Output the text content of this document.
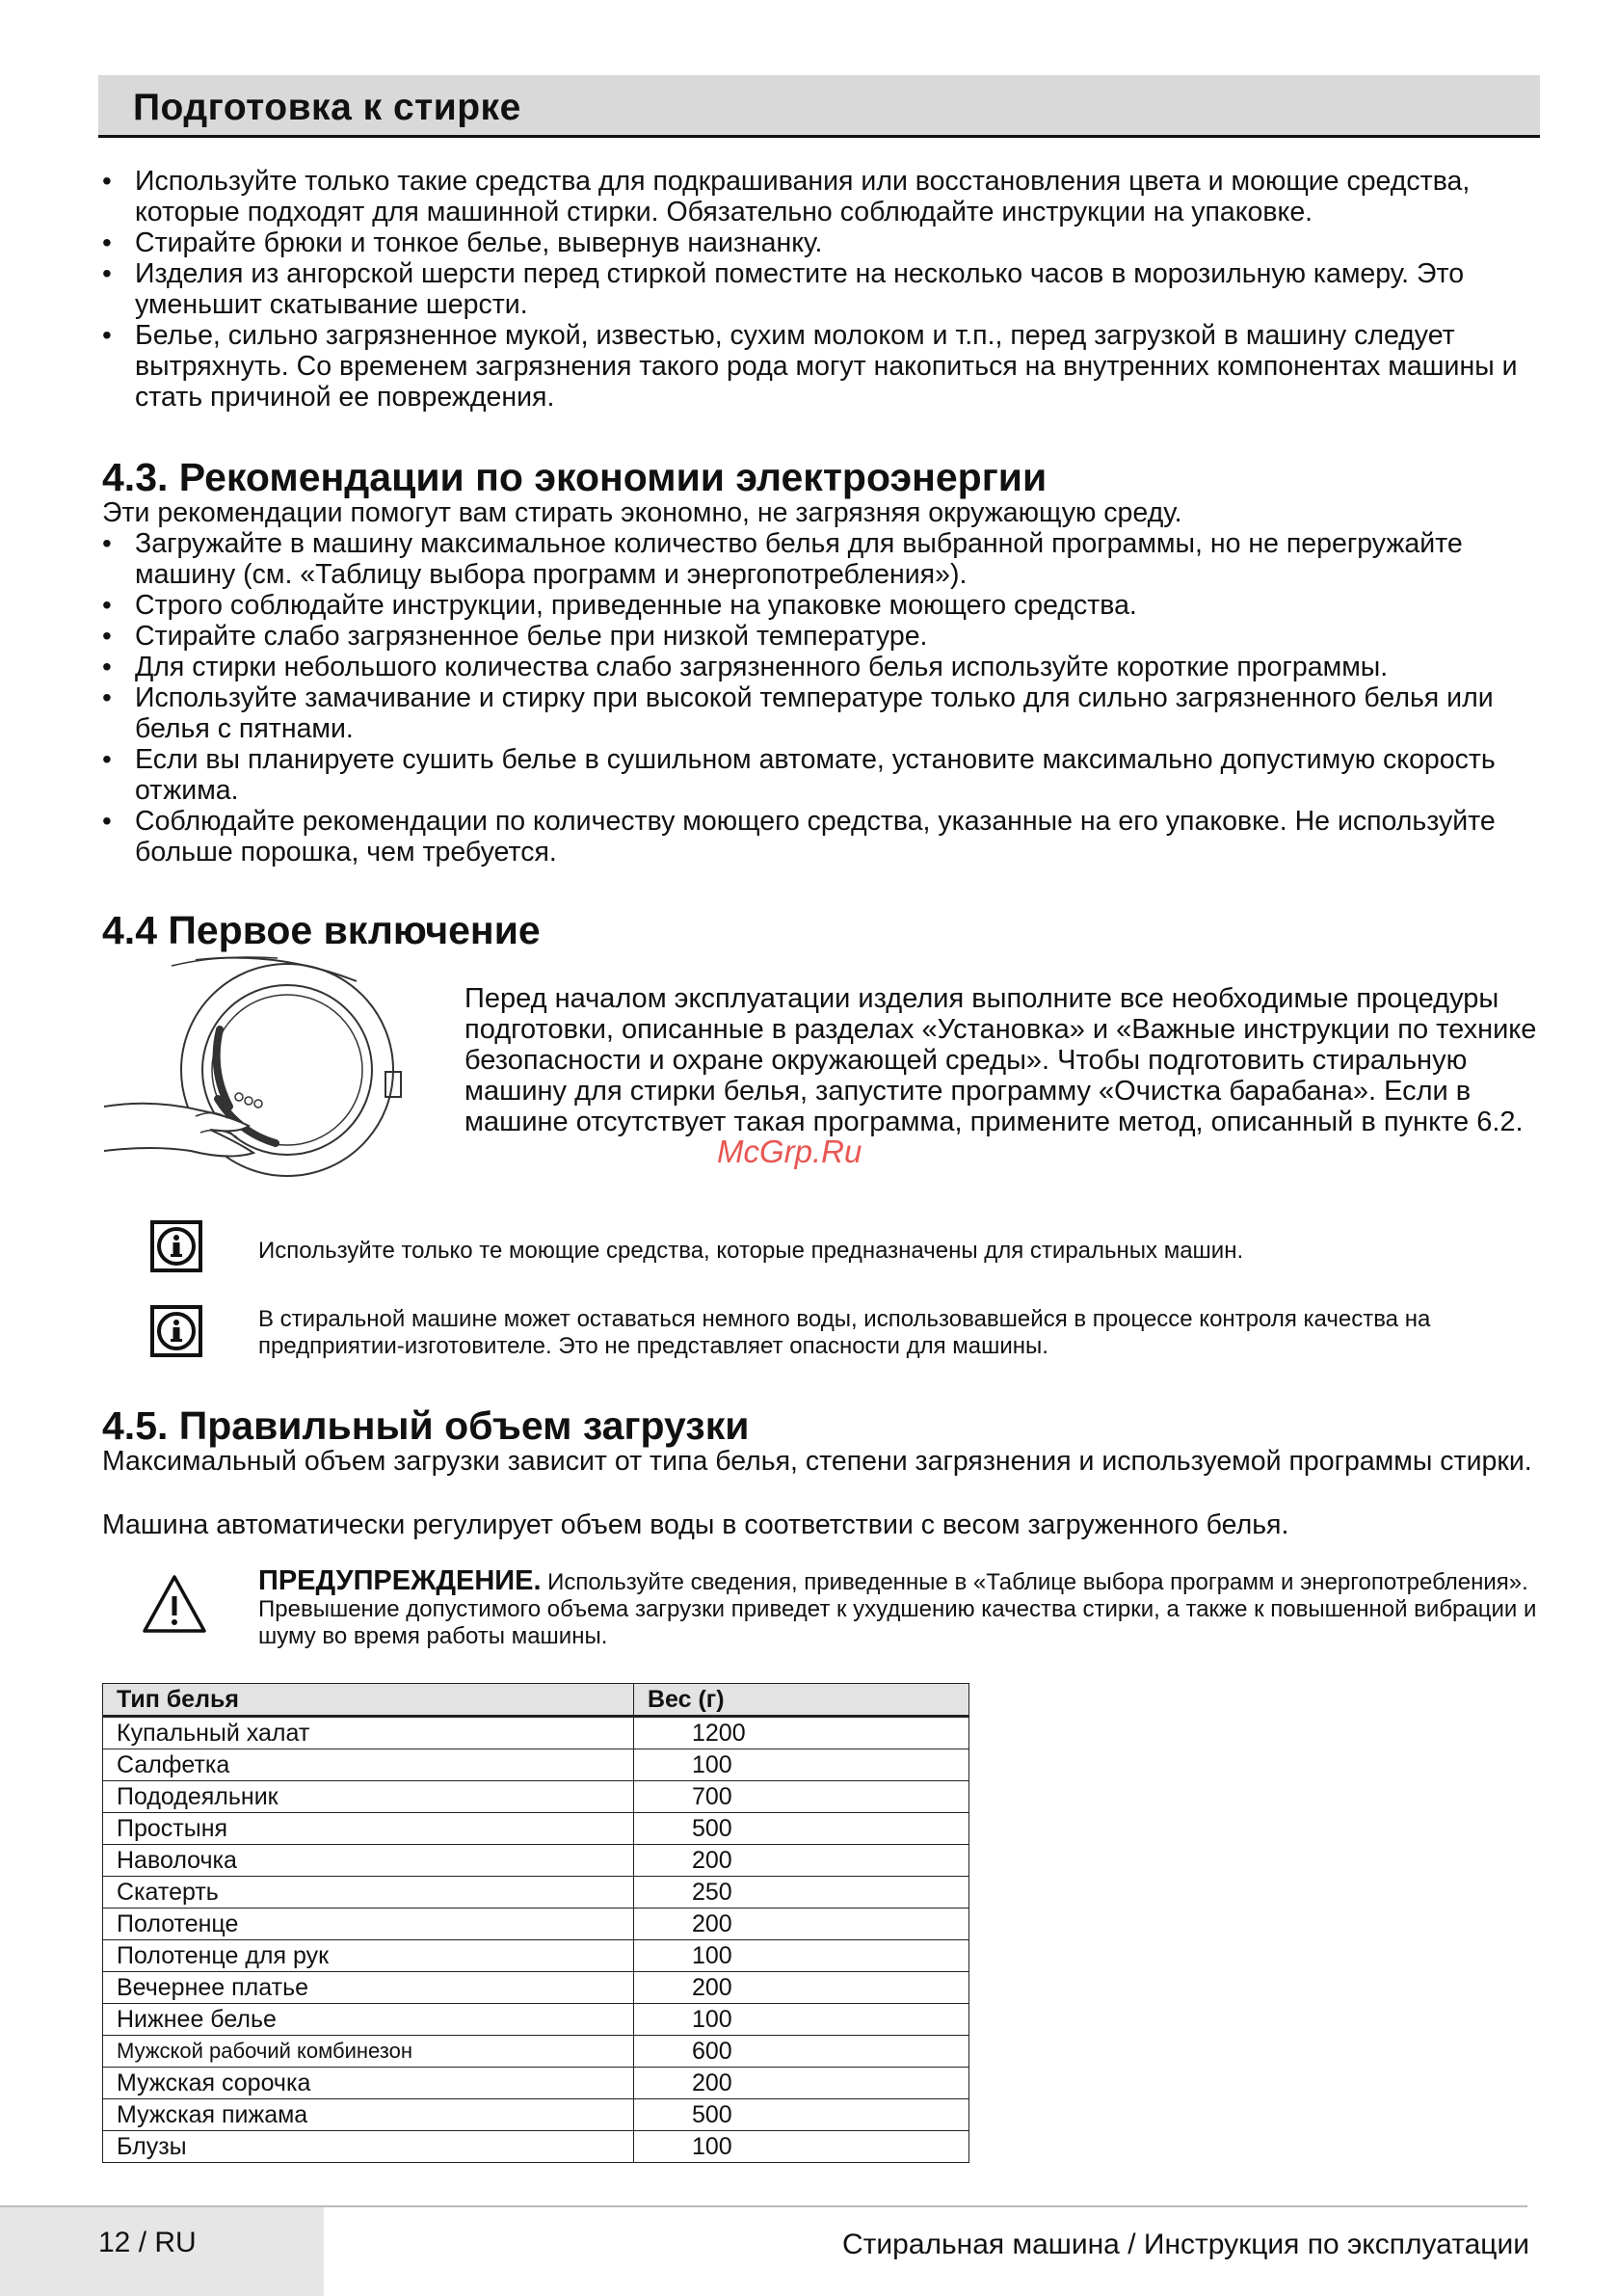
Подготовка к стирке
• Используйте только такие средства для подкрашивания или восстановления цвета и моющие средства, которые подходят для машинной стирки. Обязательно соблюдайте инструкции на упаковке.
• Стирайте брюки и тонкое белье, вывернув наизнанку.
• Изделия из ангорской шерсти перед стиркой поместите на несколько часов в морозильную камеру. Это уменьшит скатывание шерсти.
• Белье, сильно загрязненное мукой, известью, сухим молоком и т.п., перед загрузкой в машину следует вытряхнуть. Со временем загрязнения такого рода могут накопиться на внутренних компонентах машины и стать причиной ее повреждения.
4.3. Рекомендации по экономии электроэнергии

Эти рекомендации помогут вам стирать экономно, не загрязняя окружающую среду.

• Загружайте в машину максимальное количество белья для выбранной программы, но не перегружайте машину (см. «Таблицу выбора программ и энергопотребления»).
• Строго соблюдайте инструкции, приведенные на упаковке моющего средства.
• Стирайте слабо загрязненное белье при низкой температуре.
• Для стирки небольшого количества слабо загрязненного белья используйте короткие программы.
• Используйте замачивание и стирку при высокой температуре только для сильно загрязненного белья или белья с пятнами.
• Если вы планируете сушить белье в сушильном автомате, установите максимально допустимую скорость отжима.
• Соблюдайте рекомендации по количеству моющего средства, указанные на его упаковке. Не используйте больше порошка, чем требуется.
4.4 Первое включение

Перед началом эксплуатации изделия выполните все необходимые процедуры подготовки, описанные в разделах «Установка» и «Важные инструкции по технике безопасности и охране окружающей среды». Чтобы подготовить стиральную машину для стирки белья, запустите программу «Очистка барабана». Если в машине отсутствует такая программа, примените метод, описанный в пункте 6.2.

McGrp.Ru

Используйте только те моющие средства, которые предназначены для стиральных машин.

В стиральной машине может оставаться немного воды, использовавшейся в процессе контроля качества на предприятии-изготовителе. Это не представляет опасности для машины.

4.5. Правильный объем загрузки

Максимальный объем загрузки зависит от типа белья, степени загрязнения и используемой программы стирки.

Машина автоматически регулирует объем воды в соответствии с весом загруженного белья.

ПРЕДУПРЕЖДЕНИЕ. Используйте сведения, приведенные в «Таблице выбора программ и энергопотребления». Превышение допустимого объема загрузки приведет к ухудшению качества стирки, а также к повышенной вибрации и шуму во время работы машины.

Тип белья	Вес (г)
Купальный халат	1200
Салфетка	100
Пододеяльник	700
Простыня	500
Наволочка	200
Скатерть	250
Полотенце	200
Полотенце для рук	100
Вечернее платье	200
Нижнее белье	100
Мужской рабочий комбинезон	600
Мужская сорочка	200
Мужская пижама	500
Блузы	100
12 / RU	Стиральная машина / Инструкция по эксплуатации
